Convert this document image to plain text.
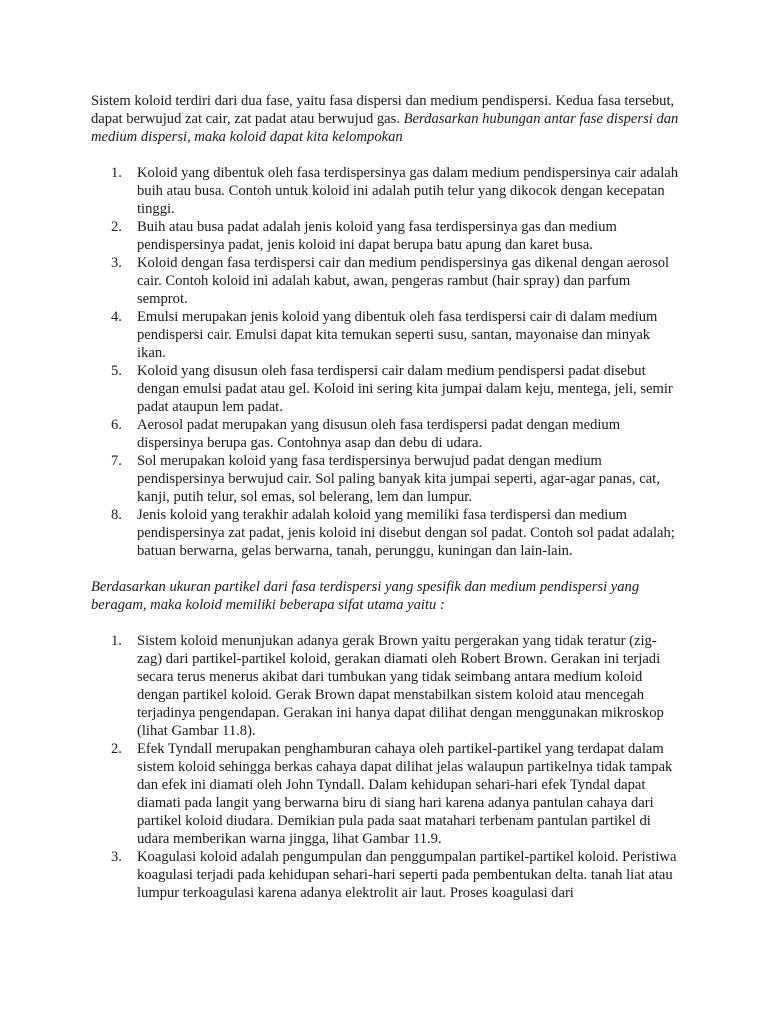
Sistem koloid terdiri dari dua fase, yaitu fasa dispersi dan medium pendispersi. Kedua fasa tersebut, dapat berwujud zat cair, zat padat atau berwujud gas. Berdasarkan hubungan antar fase dispersi dan medium dispersi, maka koloid dapat kita kelompokan

1. Koloid yang dibentuk oleh fasa terdispersinya gas dalam medium pendispersinya cair adalah buih atau busa. Contoh untuk koloid ini adalah putih telur yang dikocok dengan kecepatan tinggi.
2. Buih atau busa padat adalah jenis koloid yang fasa terdispersinya gas dan medium pendispersinya padat, jenis koloid ini dapat berupa batu apung dan karet busa.
3. Koloid dengan fasa terdispersi cair dan medium pendispersinya gas dikenal dengan aerosol cair. Contoh koloid ini adalah kabut, awan, pengeras rambut (hair spray) dan parfum semprot.
4. Emulsi merupakan jenis koloid yang dibentuk oleh fasa terdispersi cair di dalam medium pendispersi cair. Emulsi dapat kita temukan seperti susu, santan, mayonaise dan minyak ikan.
5. Koloid yang disusun oleh fasa terdispersi cair dalam medium pendispersi padat disebut dengan emulsi padat atau gel. Koloid ini sering kita jumpai dalam keju, mentega, jeli, semir padat ataupun lem padat.
6. Aerosol padat merupakan yang disusun oleh fasa terdispersi padat dengan medium dispersinya berupa gas. Contohnya asap dan debu di udara.
7. Sol merupakan koloid yang fasa terdispersinya berwujud padat dengan medium pendispersinya berwujud cair. Sol paling banyak kita jumpai seperti, agar-agar panas, cat, kanji, putih telur, sol emas, sol belerang, lem dan lumpur.
8. Jenis koloid yang terakhir adalah koloid yang memiliki fasa terdispersi dan medium pendispersinya zat padat, jenis koloid ini disebut dengan sol padat. Contoh sol padat adalah; batuan berwarna, gelas berwarna, tanah, perunggu, kuningan dan lain-lain.

Berdasarkan ukuran partikel dari fasa terdispersi yang spesifik dan medium pendispersi yang beragam, maka koloid memiliki beberapa sifat utama yaitu :

1. Sistem koloid menunjukan adanya gerak Brown yaitu pergerakan yang tidak teratur (zig-zag) dari partikel-partikel koloid, gerakan diamati oleh Robert Brown. Gerakan ini terjadi secara terus menerus akibat dari tumbukan yang tidak seimbang antara medium koloid dengan partikel koloid. Gerak Brown dapat menstabilkan sistem koloid atau mencegah terjadinya pengendapan. Gerakan ini hanya dapat dilihat dengan menggunakan mikroskop (lihat Gambar 11.8).
2. Efek Tyndall merupakan penghamburan cahaya oleh partikel-partikel yang terdapat dalam sistem koloid sehingga berkas cahaya dapat dilihat jelas walaupun partikelnya tidak tampak dan efek ini diamati oleh John Tyndall. Dalam kehidupan sehari-hari efek Tyndal dapat diamati pada langit yang berwarna biru di siang hari karena adanya pantulan cahaya dari partikel koloid diudara. Demikian pula pada saat matahari terbenam pantulan partikel di udara memberikan warna jingga, lihat Gambar 11.9.
3. Koagulasi koloid adalah pengumpulan dan penggumpalan partikel-partikel koloid. Peristiwa koagulasi terjadi pada kehidupan sehari-hari seperti pada pembentukan delta. tanah liat atau lumpur terkoagulasi karena adanya elektrolit air laut. Proses koagulasi dari
